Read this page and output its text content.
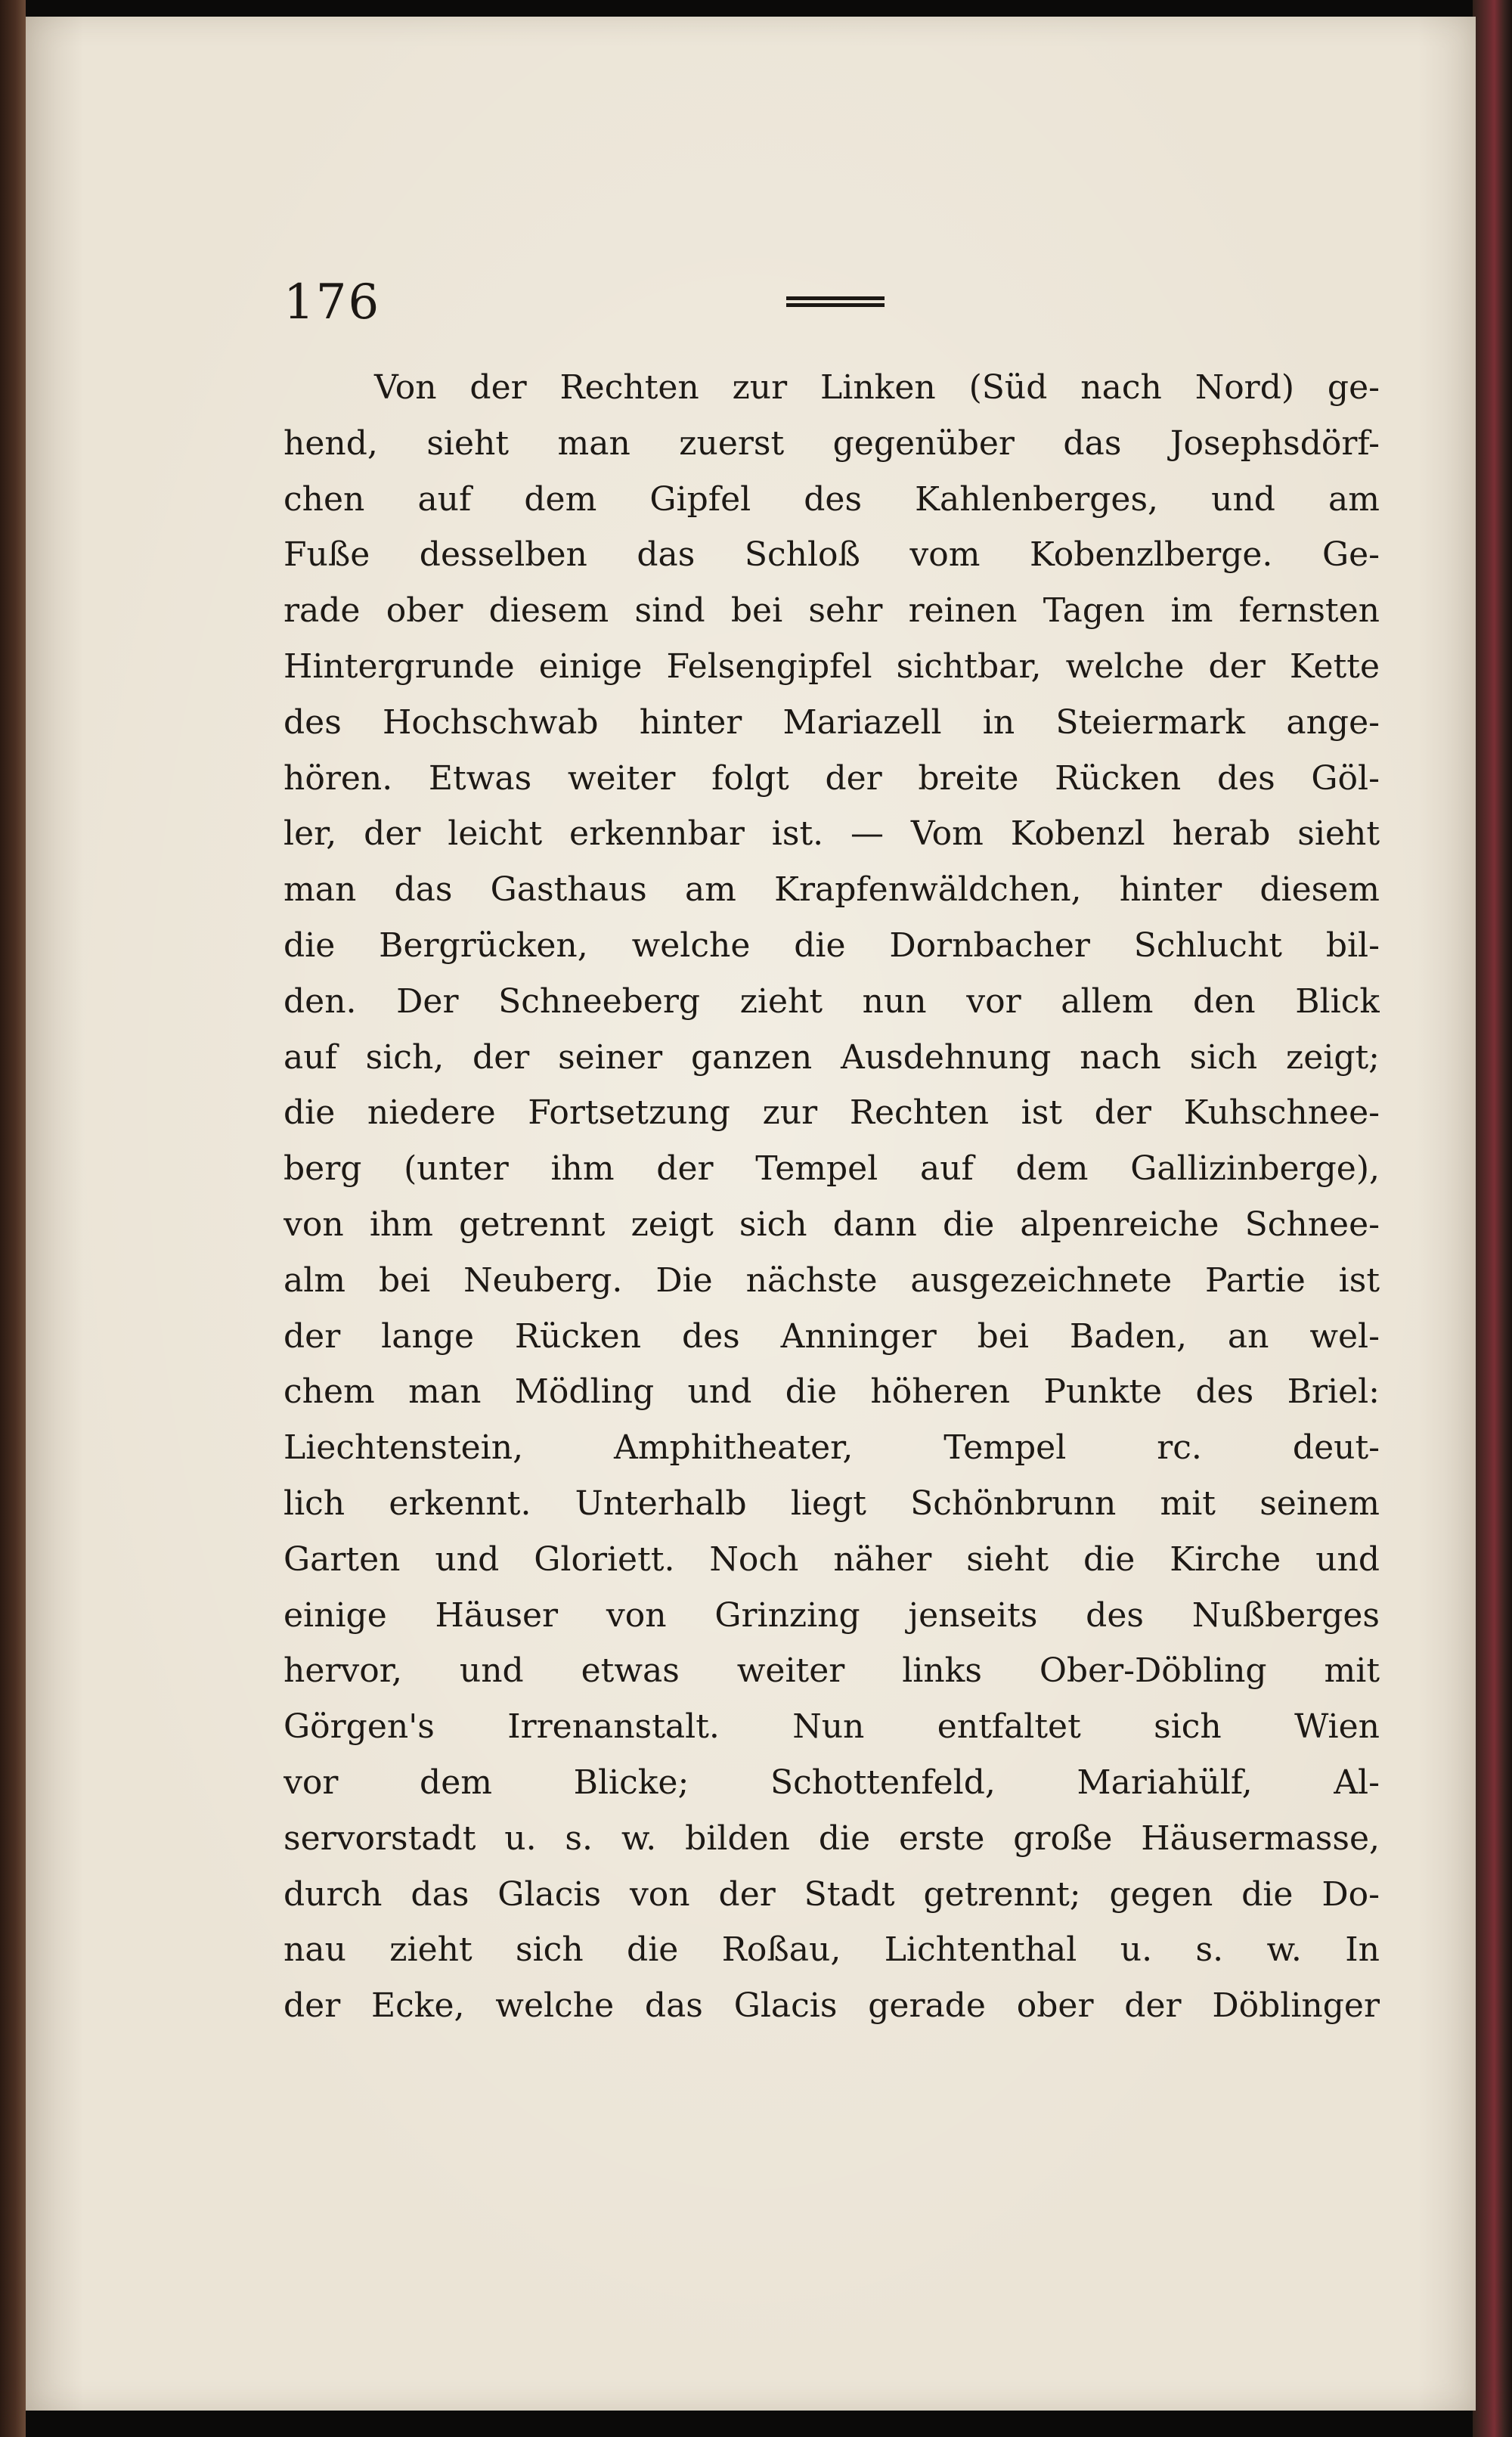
176
Von der Rechten zur Linken (Süd nach Nord) ge-
hend, sieht man zuerst gegenüber das Josephsdörf-
chen auf dem Gipfel des Kahlenberges, und am
Fuße desselben das Schloß vom Kobenzlberge. Ge-
rade ober diesem sind bei sehr reinen Tagen im fernsten
Hintergrunde einige Felsengipfel sichtbar, welche der Kette
des Hochschwab hinter Mariazell in Steiermark ange-
hören. Etwas weiter folgt der breite Rücken des Göl-
ler, der leicht erkennbar ist. — Vom Kobenzl herab sieht
man das Gasthaus am Krapfenwäldchen, hinter diesem
die Bergrücken, welche die Dornbacher Schlucht bil-
den. Der Schneeberg zieht nun vor allem den Blick
auf sich, der seiner ganzen Ausdehnung nach sich zeigt;
die niedere Fortsetzung zur Rechten ist der Kuhschnee-
berg (unter ihm der Tempel auf dem Gallizinberge),
von ihm getrennt zeigt sich dann die alpenreiche Schnee-
alm bei Neuberg. Die nächste ausgezeichnete Partie ist
der lange Rücken des Anninger bei Baden, an wel-
chem man Mödling und die höheren Punkte des Briel:
Liechtenstein, Amphitheater, Tempel rc. deut-
lich erkennt. Unterhalb liegt Schönbrunn mit seinem
Garten und Gloriett. Noch näher sieht die Kirche und
einige Häuser von Grinzing jenseits des Nußberges
hervor, und etwas weiter links Ober-Döbling mit
Görgen's Irrenanstalt. Nun entfaltet sich Wien
vor dem Blicke; Schottenfeld, Mariahülf, Al-
servorstadt u. s. w. bilden die erste große Häusermasse,
durch das Glacis von der Stadt getrennt; gegen die Do-
nau zieht sich die Roßau, Lichtenthal u. s. w. In
der Ecke, welche das Glacis gerade ober der Döblinger
